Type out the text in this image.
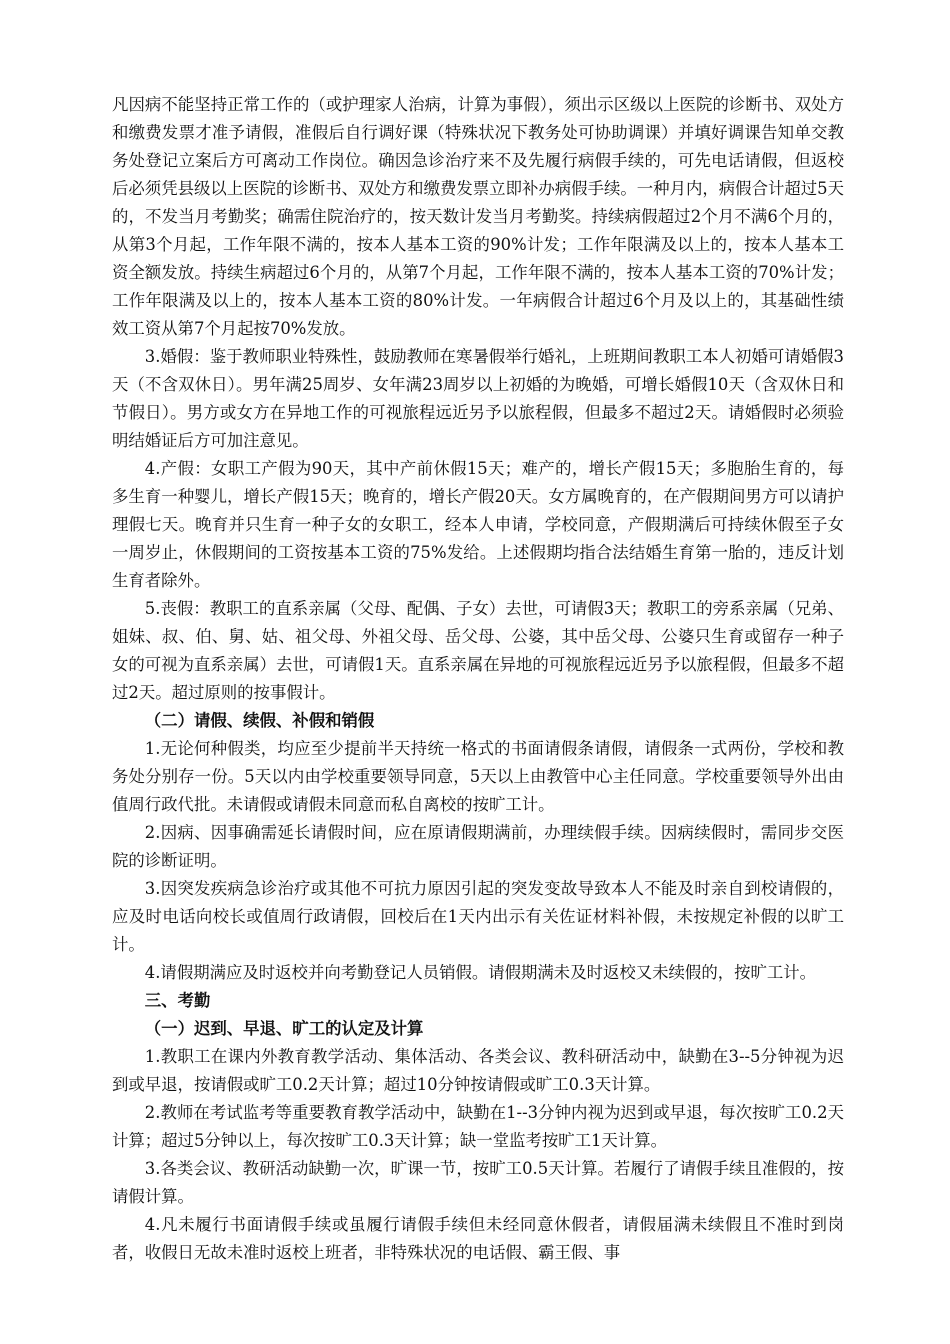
凡因病不能坚持正常工作的（或护理家人治病，计算为事假），须出示区级以上医院的诊断书、双处方和缴费发票才准予请假，准假后自行调好课（特殊状况下教务处可协助调课）并填好调课告知单交教务处登记立案后方可离动工作岗位。确因急诊治疗来不及先履行病假手续的，可先电话请假，但返校后必须凭县级以上医院的诊断书、双处方和缴费发票立即补办病假手续。一种月内，病假合计超过5天的，不发当月考勤奖；确需住院治疗的，按天数计发当月考勤奖。持续病假超过2个月不满6个月的，从第3个月起，工作年限不满的，按本人基本工资的90%计发；工作年限满及以上的，按本人基本工资全额发放。持续生病超过6个月的，从第7个月起，工作年限不满的，按本人基本工资的70%计发；工作年限满及以上的，按本人基本工资的80%计发。一年病假合计超过6个月及以上的，其基础性绩效工资从第7个月起按70%发放。

3.婚假：鉴于教师职业特殊性，鼓励教师在寒暑假举行婚礼，上班期间教职工本人初婚可请婚假3天（不含双休日）。男年满25周岁、女年满23周岁以上初婚的为晚婚，可增长婚假10天（含双休日和节假日）。男方或女方在异地工作的可视旅程远近另予以旅程假，但最多不超过2天。请婚假时必须验明结婚证后方可加注意见。

4.产假：女职工产假为90天，其中产前休假15天；难产的，增长产假15天；多胞胎生育的，每多生育一种婴儿，增长产假15天；晚育的，增长产假20天。女方属晚育的，在产假期间男方可以请护理假七天。晚育并只生育一种子女的女职工，经本人申请，学校同意，产假期满后可持续休假至子女一周岁止，休假期间的工资按基本工资的75%发给。上述假期均指合法结婚生育第一胎的，违反计划生育者除外。

5.丧假：教职工的直系亲属（父母、配偶、子女）去世，可请假3天；教职工的旁系亲属（兄弟、姐妹、叔、伯、舅、姑、祖父母、外祖父母、岳父母、公婆，其中岳父母、公婆只生育或留存一种子女的可视为直系亲属）去世，可请假1天。直系亲属在异地的可视旅程远近另予以旅程假，但最多不超过2天。超过原则的按事假计。

（二）请假、续假、补假和销假

1.无论何种假类，均应至少提前半天持统一格式的书面请假条请假，请假条一式两份，学校和教务处分别存一份。5天以内由学校重要领导同意，5天以上由教管中心主任同意。学校重要领导外出由值周行政代批。未请假或请假未同意而私自离校的按旷工计。

2.因病、因事确需延长请假时间，应在原请假期满前，办理续假手续。因病续假时，需同步交医院的诊断证明。

3.因突发疾病急诊治疗或其他不可抗力原因引起的突发变故导致本人不能及时亲自到校请假的，应及时电话向校长或值周行政请假，回校后在1天内出示有关佐证材料补假，未按规定补假的以旷工计。

4.请假期满应及时返校并向考勤登记人员销假。请假期满未及时返校又未续假的，按旷工计。

三、考勤

（一）迟到、早退、旷工的认定及计算

1.教职工在课内外教育教学活动、集体活动、各类会议、教科研活动中，缺勤在3--5分钟视为迟到或早退，按请假或旷工0.2天计算；超过10分钟按请假或旷工0.3天计算。

2.教师在考试监考等重要教育教学活动中，缺勤在1--3分钟内视为迟到或早退，每次按旷工0.2天计算；超过5分钟以上，每次按旷工0.3天计算；缺一堂监考按旷工1天计算。

3.各类会议、教研活动缺勤一次，旷课一节，按旷工0.5天计算。若履行了请假手续且准假的，按请假计算。

4.凡未履行书面请假手续或虽履行请假手续但未经同意休假者，请假届满未续假且不准时到岗者，收假日无故未准时返校上班者，非特殊状况的电话假、霸王假、事
